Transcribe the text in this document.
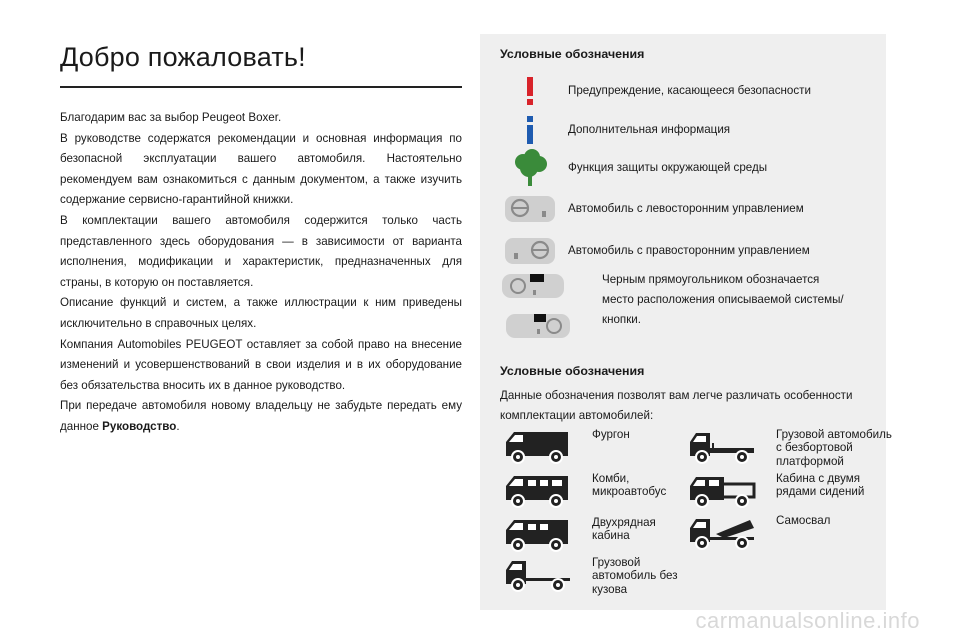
Добро пожаловать!

Благодарим вас за выбор Peugeot Boxer.

В руководстве содержатся рекомендации и основная информация по безопасной эксплуатации вашего автомобиля. Настоятельно рекомендуем вам ознакомиться с данным документом, а также изучить содержание сервисно-гарантийной книжки.

В комплектации вашего автомобиля содержится только часть представленного здесь оборудования — в зависимости от варианта исполнения, модификации и характеристик, предназначенных для страны, в которую он поставляется.

Описание функций и систем, а также иллюстрации к ним приведены исключительно в справочных целях.

Компания Automobiles PEUGEOT оставляет за собой право на внесение изменений и усовершенствований в свои изделия и в их оборудование без обязательства вносить их в данное руководство.

При передаче автомобиля новому владельцу не забудьте передать ему данное Руководство.

Условные обозначения
Предупреждение, касающееся безопасности
Дополнительная информация
Функция защиты окружающей среды
Автомобиль с левосторонним управлением
Автомобиль с правосторонним управлением
Черным прямоугольником обозначается место расположения описываемой системы/кнопки.
Условные обозначения
Данные обозначения позволят вам легче различать особенности комплектации автомобилей:
Фургон	Грузовой автомобиль с безбортовой платформой
Комби, микроавтобус
Кабина с двумя рядами сидений
Двухрядная кабина
Самосвал
Грузовой автомобиль без кузова
carmanualsonline.info
